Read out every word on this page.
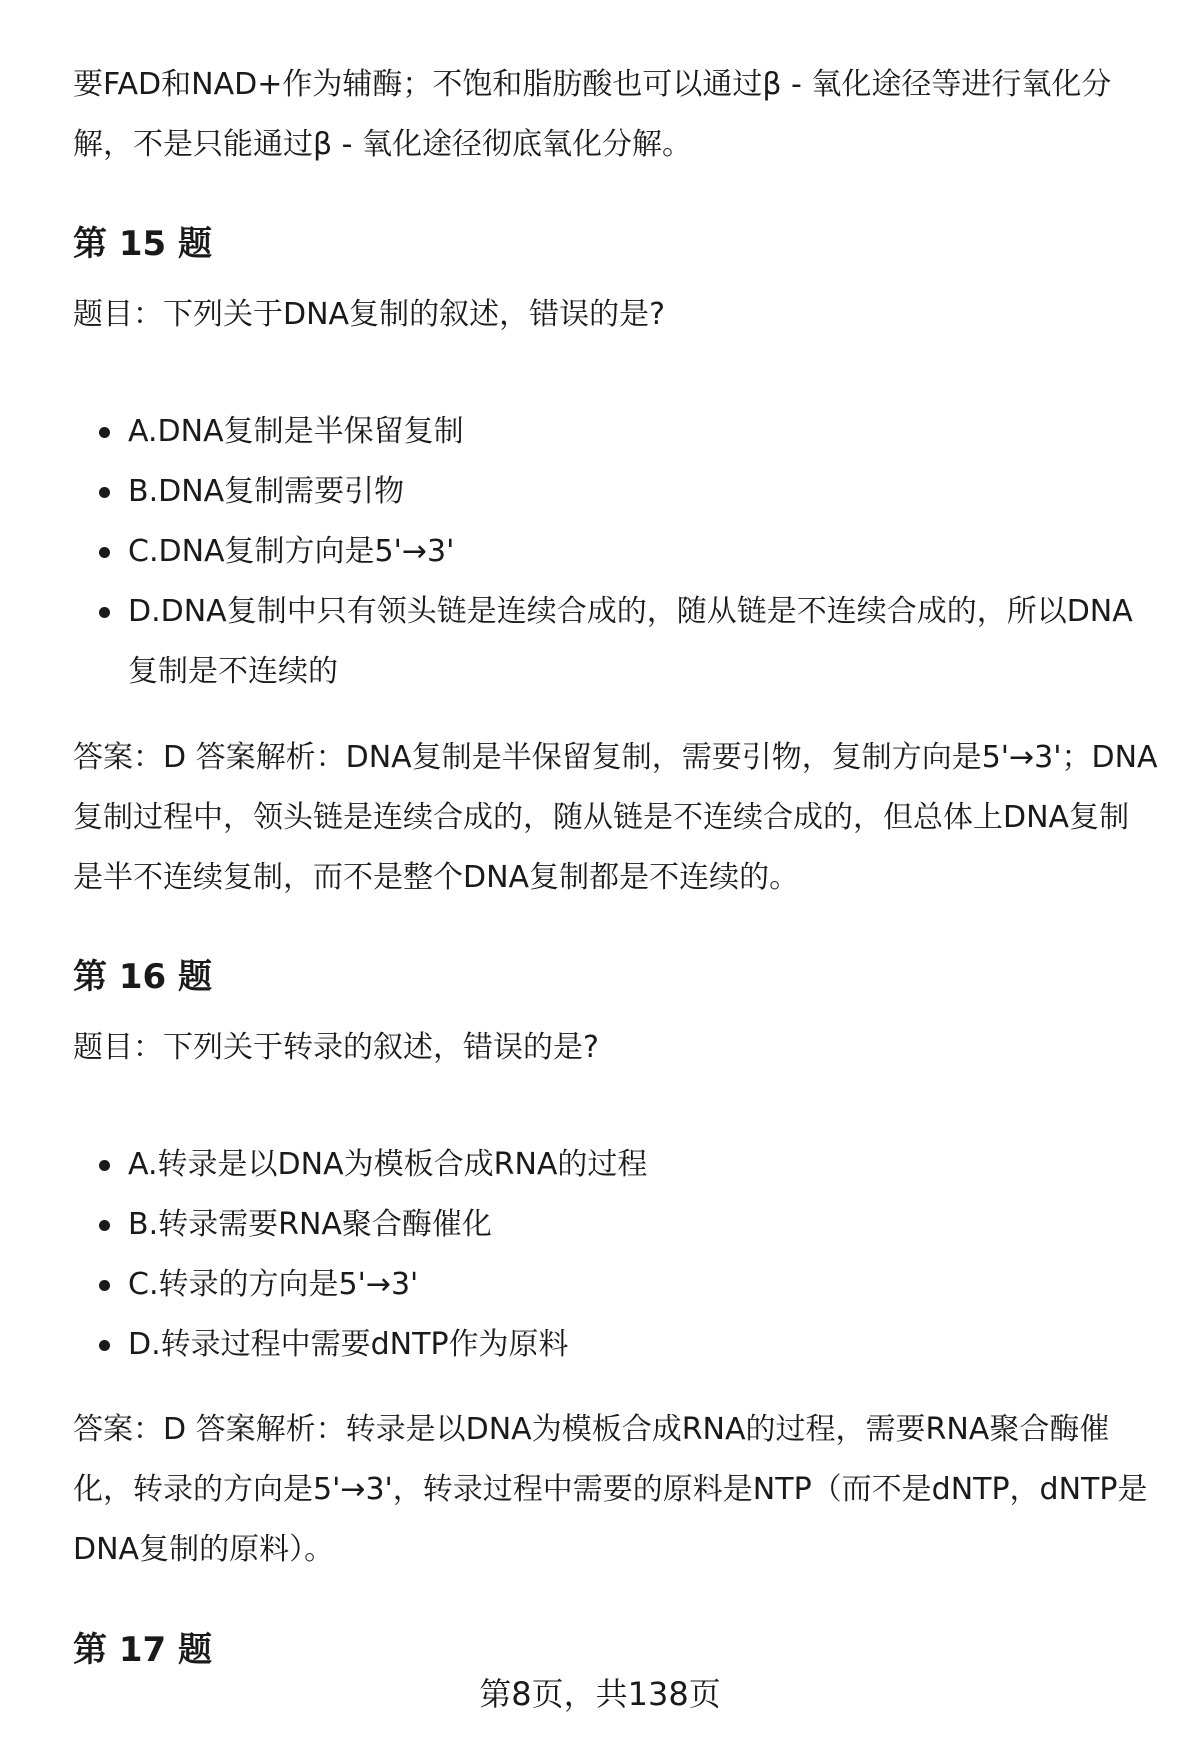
要FAD和NAD+作为辅酶；不饱和脂肪酸也可以通过β - 氧化途径等进行氧化分解，不是只能通过β - 氧化途径彻底氧化分解。

第 15 题

题目：下列关于DNA复制的叙述，错误的是?

A.DNA复制是半保留复制
B.DNA复制需要引物
C.DNA复制方向是5'→3'
D.DNA复制中只有领头链是连续合成的，随从链是不连续合成的，所以DNA复制是不连续的

答案：D 答案解析：DNA复制是半保留复制，需要引物，复制方向是5'→3'；DNA复制过程中，领头链是连续合成的，随从链是不连续合成的，但总体上DNA复制是半不连续复制，而不是整个DNA复制都是不连续的。

第 16 题

题目：下列关于转录的叙述，错误的是?

A.转录是以DNA为模板合成RNA的过程
B.转录需要RNA聚合酶催化
C.转录的方向是5'→3'
D.转录过程中需要dNTP作为原料

答案：D 答案解析：转录是以DNA为模板合成RNA的过程，需要RNA聚合酶催化，转录的方向是5'→3'，转录过程中需要的原料是NTP（而不是dNTP，dNTP是DNA复制的原料）。

第 17 题

第8页，共138页
